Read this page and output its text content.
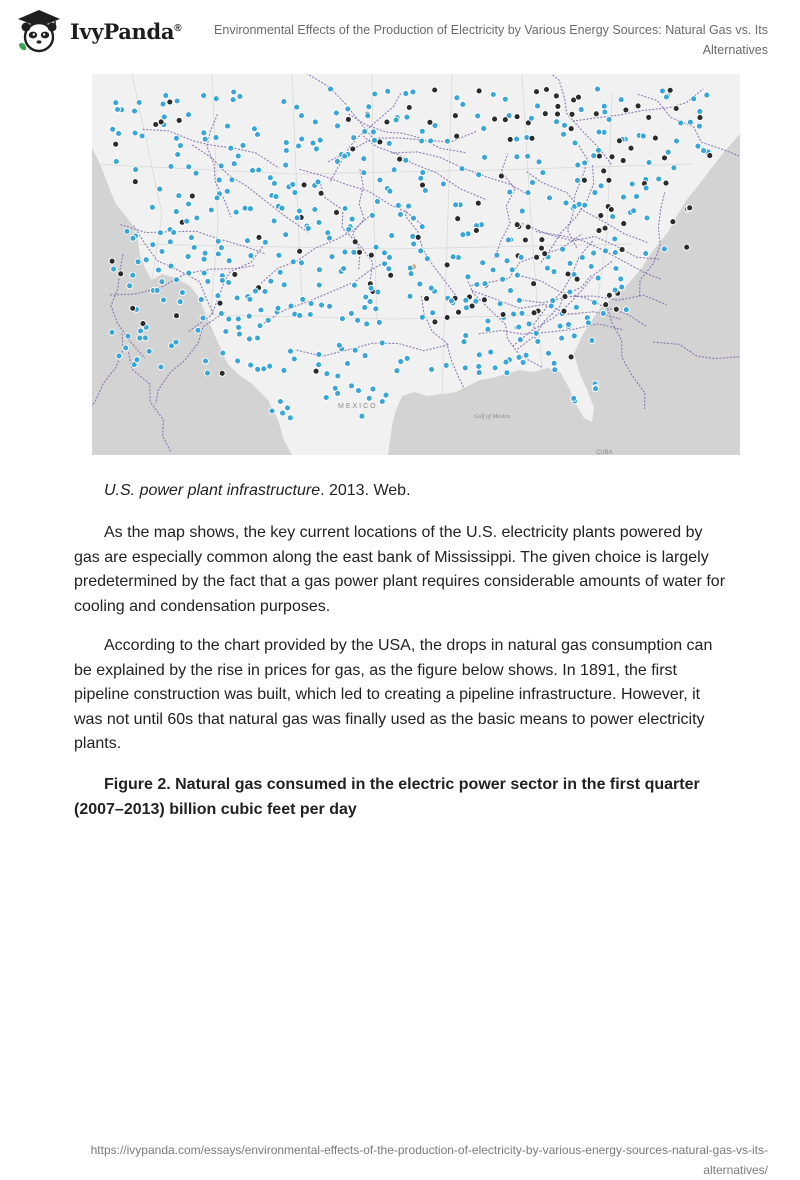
IvyPanda®	Environmental Effects of the Production of Electricity by Various Energy Sources: Natural Gas vs. Its Alternatives
MEXICO
Gulf of Mexico
CUBA

U.S. power plant infrastructure. 2013. Web.

As the map shows, the key current locations of the U.S. electricity plants powered by gas are especially common along the east bank of Mississippi. The given choice is largely predetermined by the fact that a gas power plant requires considerable amounts of water for cooling and condensation purposes.

According to the chart provided by the USA, the drops in natural gas consumption can be explained by the rise in prices for gas, as the figure below shows. In 1891, the first pipeline construction was built, which led to creating a pipeline infrastructure. However, it was not until 60s that natural gas was finally used as the basic means to power electricity plants.

Figure 2. Natural gas consumed in the electric power sector in the first quarter (2007–2013) billion cubic feet per day

https://ivypanda.com/essays/environmental-effects-of-the-production-of-electricity-by-various-energy-sources-natural-gas-vs-its-alternatives/
